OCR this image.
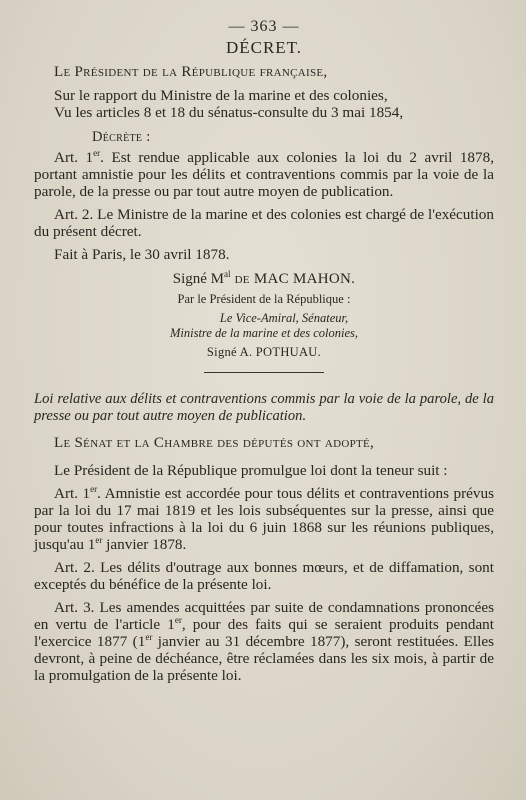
— 363 —
DÉCRET.
Le Président de la République française,

Sur le rapport du Ministre de la marine et des colonies,

Vu les articles 8 et 18 du sénatus-consulte du 3 mai 1854,

Décrète :

Art. 1er. Est rendue applicable aux colonies la loi du 2 avril 1878, portant amnistie pour les délits et contraventions commis par la voie de la parole, de la presse ou par tout autre moyen de publication.

Art. 2. Le Ministre de la marine et des colonies est chargé de l'exécution du présent décret.

Fait à Paris, le 30 avril 1878.

Signé $M^{al}$ de MAC MAHON.
Par le Président de la République :
Le Vice-Amiral, Sénateur,
Ministre de la marine et des colonies,
Signé A. POTHUAU.

Loi relative aux délits et contraventions commis par la voie de la parole, de la presse ou par tout autre moyen de publication.

Le Sénat et la Chambre des députés ont adopté,

Le Président de la République promulgue loi dont la teneur suit :

Art. 1er. Amnistie est accordée pour tous délits et contraventions prévus par la loi du 17 mai 1819 et les lois subséquentes sur la presse, ainsi que pour toutes infractions à la loi du 6 juin 1868 sur les réunions publiques, jusqu'au 1er janvier 1878.

Art. 2. Les délits d'outrage aux bonnes mœurs, et de diffamation, sont exceptés du bénéfice de la présente loi.

Art. 3. Les amendes acquittées par suite de condamnations prononcées en vertu de l'article 1er, pour des faits qui se seraient produits pendant l'exercice 1877 (1er janvier au 31 décembre 1877), seront restituées. Elles devront, à peine de déchéance, être réclamées dans les six mois, à partir de la promulgation de la présente loi.
